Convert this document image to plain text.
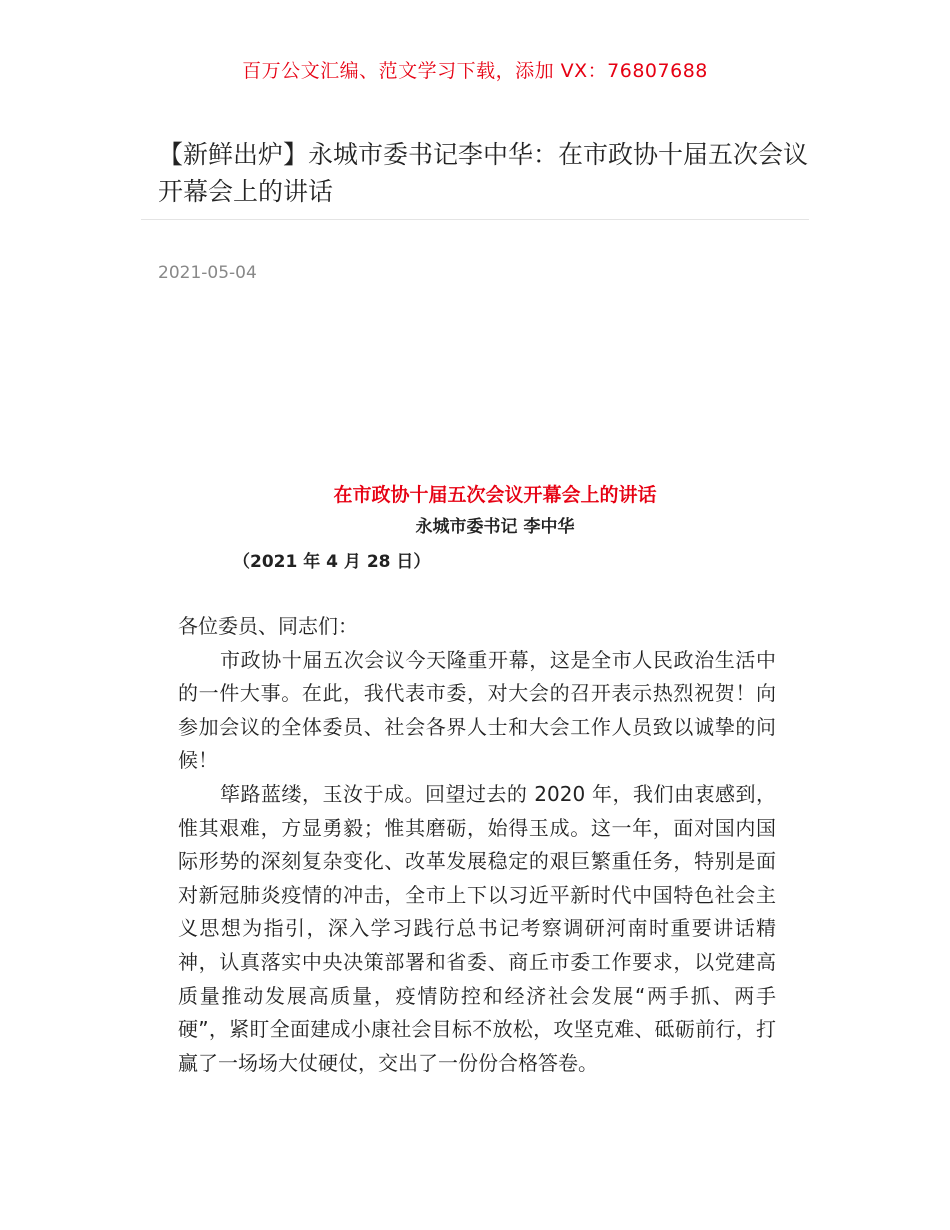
百万公文汇编、范文学习下载，添加 VX：76807688
【新鲜出炉】永城市委书记李中华：在市政协十届五次会议开幕会上的讲话
2021-05-04
在市政协十届五次会议开幕会上的讲话
永城市委书记 李中华
（2021 年 4 月 28 日）

各位委员、同志们：

市政协十届五次会议今天隆重开幕，这是全市人民政治生活中的一件大事。在此，我代表市委，对大会的召开表示热烈祝贺！向参加会议的全体委员、社会各界人士和大会工作人员致以诚挚的问候！

筚路蓝缕，玉汝于成。回望过去的 2020 年，我们由衷感到，惟其艰难，方显勇毅；惟其磨砺，始得玉成。这一年，面对国内国际形势的深刻复杂变化、改革发展稳定的艰巨繁重任务，特别是面对新冠肺炎疫情的冲击，全市上下以习近平新时代中国特色社会主义思想为指引，深入学习践行总书记考察调研河南时重要讲话精神，认真落实中央决策部署和省委、商丘市委工作要求，以党建高质量推动发展高质量，疫情防控和经济社会发展“两手抓、两手硬”，紧盯全面建成小康社会目标不放松，攻坚克难、砥砺前行，打赢了一场场大仗硬仗，交出了一份份合格答卷。
